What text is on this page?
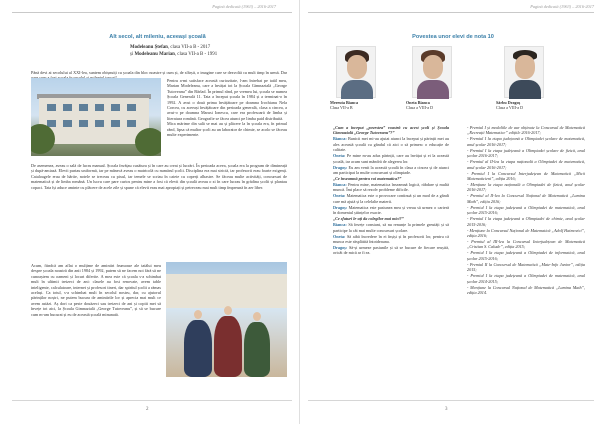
Pagină dedicată (1963) – 2016-2017
Alt secol, alt mileniu, aceeași școală
Modeleanu Ștefan, clasa VII-a B - 2017
și Modeleanu Marian, clasa VII-a B - 1991
Până devi ai secolului al XXI-lea, suntem obișnuiți cu școala din bloc noastre și cum și, de sfârșit, o imagine care se dezvoltă cu mult timp în urmă. Dar

Pentru a-mi satisface această curiozitate, l-am întrebat pe tatăl meu, Marian Modeleanu, care a învățat tot la Școala Gimnazială „George Tutoveanu” din Bârlad. În primul rând, pe vremea lui, școala se numea Școala Generală 11. Tata a început școala în 1984 și a terminat-o în 1992. A avut o două prima învățătoare pe doamna Irochianu Nela Corcea, cu aceeași învățătoare din perioada generală, clasa a cincea, a avut-o pe doamna Marusi Ionescu, care era profesoară de limba și literatura română. Geografie se făcea atunci pe limba paid distribuită.

Mica mărime din sală se mai au și plăcere la în școala era, în primul rând, lipsa că multor școli au un laborator de chimie, se acolo se făceau multe experimente.

De asemenea, aveau o sală de lucru manual. Școala învățau cusătura și în care au creat și lucrări. În perioada aceea, școala era la program de dimineață și după-amiază. Elevii purtau uniformă, iar pe mânecă aveau o matricolă cu numărul școlii. Disciplina era mai strictă, iar profesorii erau foarte exigenți. Cataloagele erau de hârtie, notele se treceau cu pixul, iar temele se scriau în caiete cu coperți albastre. Se făceau multe activități, concursuri de matematică și de limba română. Un lucru care pare curios pentru mine a fost că elevii din școală aveau o zi în care lucrau în grădina școlii și plantau copaci. Tata își aduce aminte cu plăcere de acele zile și spune că elevii erau mai apropiați și petreceau mai mult timp împreună în aer liber.
Acum, fiindcă am aflat o mulțime de amintiri frumoase ale tatălui meu despre școala noastră din anii 1984 și 1992, putem să ne facem noi fără să ne cunoaștem cu oameni și locuri diferite. A mea este că școala s-a schimbat mult în ultimii treizeci de ani: clasele au fost renovate, avem table inteligente, calculatoare, internet și profesori tineri, dar spiritul școlii a rămas același. Ca totul, s-a schimbat mult în secolul nostru, dar, cu ajutorul părinților noștri, ne putem bucura de amintirile lor și aprecia mai mult ce avem astăzi. Aș dori ca peste douăzeci sau treizeci de ani și copiii mei să învețe tot aici, la Școala Gimnazială „George Tutoveanu”, și să se bucure cum m-am bucurat și eu de această școală minunată.
2
Pagină dedicată (1963) – 2016-2017
Povestea unor elevi de nota 10
Mereuta Bianca
Clasa VII-a B
Oneta Bianca
Clasa a VIII-a D
Sârbu Dragoș
Clasa a VIII-a D

„Cum a început „povestea” voastră cu acest școli și Școala Gimnazială „George Tutoveanu”?”

Bianca: Bunicii mei mi-au ajutat atunci la început și părinții mei au ales această școală cu gândul că aici o să primesc o educație de calitate.

Oneta: Pe mine m-au adus părinții, care au învățat și ei la această școală, iar acum sunt mândră de alegerea lor.

Dragoș: Eu am venit la această școală în clasa a cincea și de atunci am participat la multe concursuri și olimpiade.

„Ce înseamnă pentru voi matematica?”

Bianca: Pentru mine, matematica înseamnă logică, răbdare și multă muncă. Îmi place să rezolv probleme dificile.

Oneta: Matematica este o provocare continuă și un mod de a gândi care mă ajută și la celelalte materii.

Dragoș: Matematica este pasiunea mea și vreau să urmez o carieră în domeniul științelor exacte.

„Ce sfaturi le-ați da colegilor mai mici?”

Bianca: Să învețe constant, să nu renunțe la primele greutăți și să participe la cât mai multe concursuri școlare.

Oneta: Să aibă încredere în ei înșiși și în profesorii lor, pentru că munca este răsplătită întotdeauna.

Dragoș: Să-și urmeze pasiunile și să se bucure de fiecare reușită, oricât de mică ar fi ea.

- Premiul I și medaliile de aur obținute la Concursul de Matematică „Recreații Matematice” edițiile 2016-2017;

- Premiul I la etapa județeană a Olimpiadei școlare de matematică, anul școlar 2016-2017;

- Premiul I la etapa județeană a Olimpiadei școlare de fizică, anul școlar 2016-2017;

- Premiul al II-lea la etapa națională a Olimpiadei de matematică, anul școlar 2016-2017;

- Premiul I la Concursul Interjudețean de Matematică „Micii Matematicieni”, ediția 2016;

- Mențiune la etapa națională a Olimpiadei de fizică, anul școlar 2016-2017;

- Premiul al II-lea la Concursul Național de Matematică „Lumina Math”, ediția 2016;

- Premiul I la etapa județeană a Olimpiadei de matematică, anul școlar 2015-2016;

- Premiul I la etapa județeană a Olimpiadei de chimie, anul școlar 2015-2016;

- Mențiune la Concursul Național de Matematică „Adolf Haimovici”, ediția 2016;

- Premiul al III-lea la Concursul Interjudețean de Matematică „Cristian S. Calude”, ediția 2015;

- Premiul I la etapa județeană a Olimpiadei de informatică, anul școlar 2015-2016;

- Premiul II la Concursul de Matematică „Mate-Info Junior”, ediția 2015;

- Premiul I la etapa județeană a Olimpiadei de matematică, anul școlar 2014-2015;

- Mențiune la Concursul Național de Matematică „Lumina Math”, ediția 2014.

3
